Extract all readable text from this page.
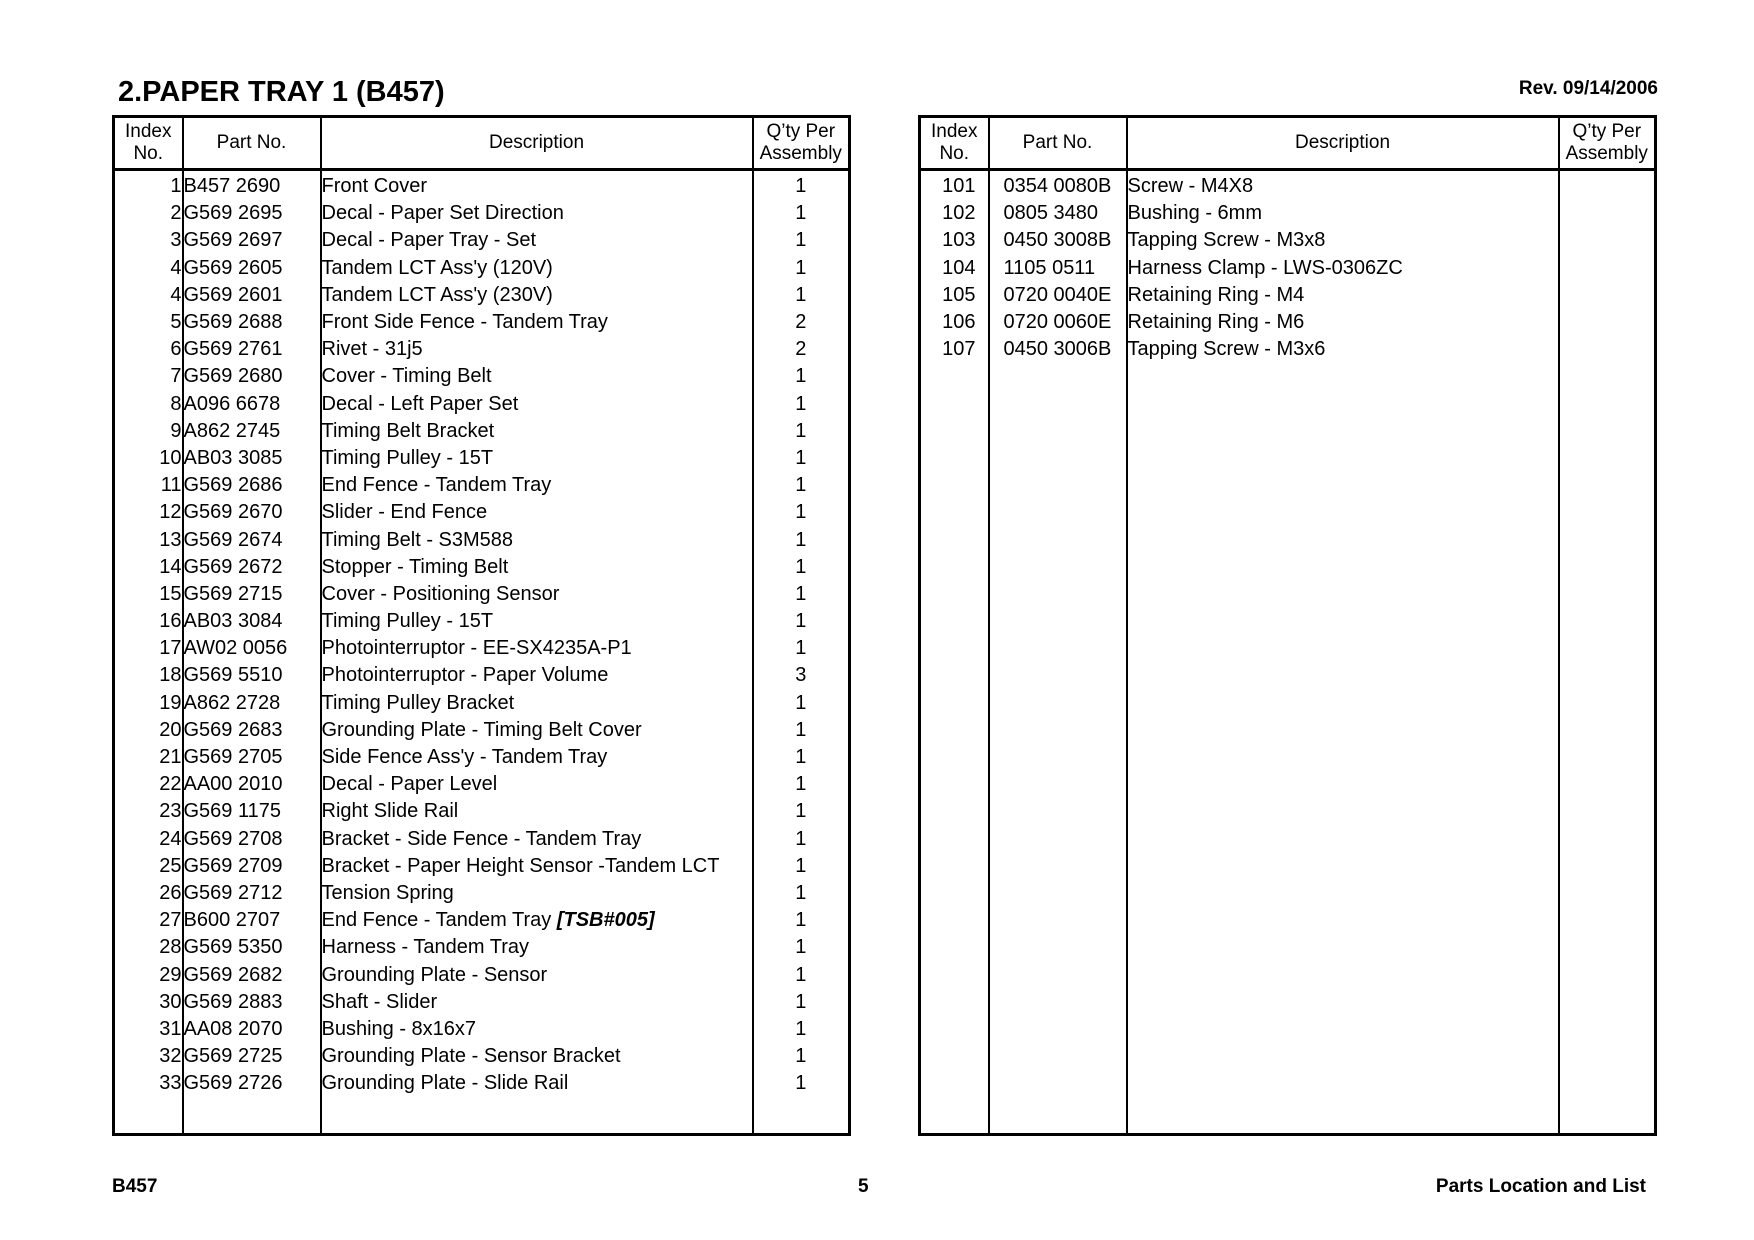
2.PAPER TRAY 1 (B457)	Rev. 09/14/2006
Index
No.	Part No.	Description	Q’ty Per
Assembly
1	B457 2690	Front Cover	1
2	G569 2695	Decal - Paper Set Direction	1
3	G569 2697	Decal - Paper Tray - Set	1
4	G569 2605	Tandem LCT Ass'y (120V)	1
4	G569 2601	Tandem LCT Ass'y (230V)	1
5	G569 2688	Front Side Fence - Tandem Tray	2
6	G569 2761	Rivet - 31j5	2
7	G569 2680	Cover - Timing Belt	1
8	A096 6678	Decal - Left Paper Set	1
9	A862 2745	Timing Belt Bracket	1
10	AB03 3085	Timing Pulley - 15T	1
11	G569 2686	End Fence - Tandem Tray	1
12	G569 2670	Slider - End Fence	1
13	G569 2674	Timing Belt - S3M588	1
14	G569 2672	Stopper - Timing Belt	1
15	G569 2715	Cover - Positioning Sensor	1
16	AB03 3084	Timing Pulley - 15T	1
17	AW02 0056	Photointerruptor - EE-SX4235A-P1	1
18	G569 5510	Photointerruptor - Paper Volume	3
19	A862 2728	Timing Pulley Bracket	1
20	G569 2683	Grounding Plate - Timing Belt Cover	1
21	G569 2705	Side Fence Ass'y - Tandem Tray	1
22	AA00 2010	Decal - Paper Level	1
23	G569 1175	Right Slide Rail	1
24	G569 2708	Bracket - Side Fence - Tandem Tray	1
25	G569 2709	Bracket - Paper Height Sensor -Tandem LCT	1
26	G569 2712	Tension Spring	1
27	B600 2707	End Fence - Tandem Tray [TSB#005]	1
28	G569 5350	Harness - Tandem Tray	1
29	G569 2682	Grounding Plate - Sensor	1
30	G569 2883	Shaft - Slider	1
31	AA08 2070	Bushing - 8x16x7	1
32	G569 2725	Grounding Plate - Sensor Bracket	1
33	G569 2726	Grounding Plate - Slide Rail	1

Index
No.	Part No.	Description	Q’ty Per
Assembly
101	0354 0080B	Screw - M4X8	
102	0805 3480	Bushing - 6mm	
103	0450 3008B	Tapping Screw - M3x8	
104	1105 0511	Harness Clamp - LWS-0306ZC	
105	0720 0040E	Retaining Ring - M4	
106	0720 0060E	Retaining Ring - M6	
107	0450 3006B	Tapping Screw - M3x6	

B457	5	Parts Location and List
